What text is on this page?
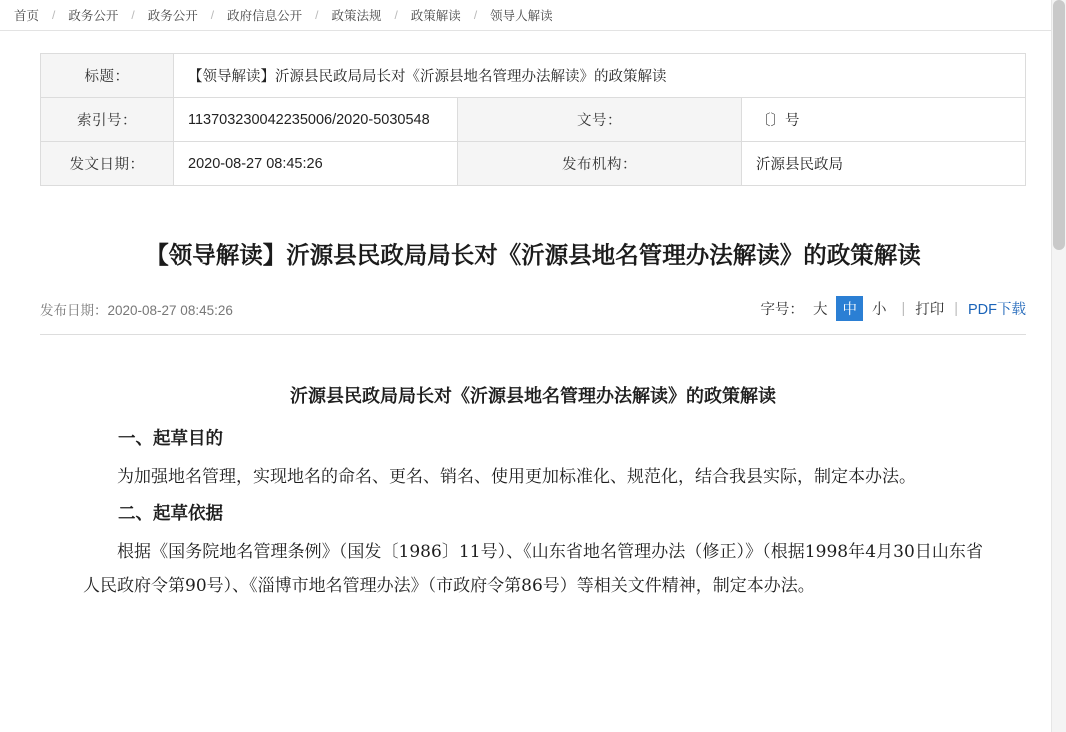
首页 / 政务公开 / 政务公开 / 政府信息公开 / 政策法规 / 政策解读 / 领导人解读
标题：	【领导解读】沂源县民政局局长对《沂源县地名管理办法解读》的政策解读		
索引号：	113703230042235006/2020-5030548	文号：	〔〕号
发文日期：	2020-08-27 08:45:26	发布机构：	沂源县民政局
【领导解读】沂源县民政局局长对《沂源县地名管理办法解读》的政策解读
发布日期：2020-08-27 08:45:26	字号： 大	中	小	| 打印 | PDF下载

沂源县民政局局长对《沂源县地名管理办法解读》的政策解读

一、起草目的

为加强地名管理，实现地名的命名、更名、销名、使用更加标准化、规范化，结合我县实际，制定本办法。

二、起草依据

根据《国务院地名管理条例》（国发〔1986〕11号）、《山东省地名管理办法（修正）》（根据1998年4月30日山东省人民政府令第90号）、《淄博市地名管理办法》（市政府令第86号）等相关文件精神，制定本办法。
